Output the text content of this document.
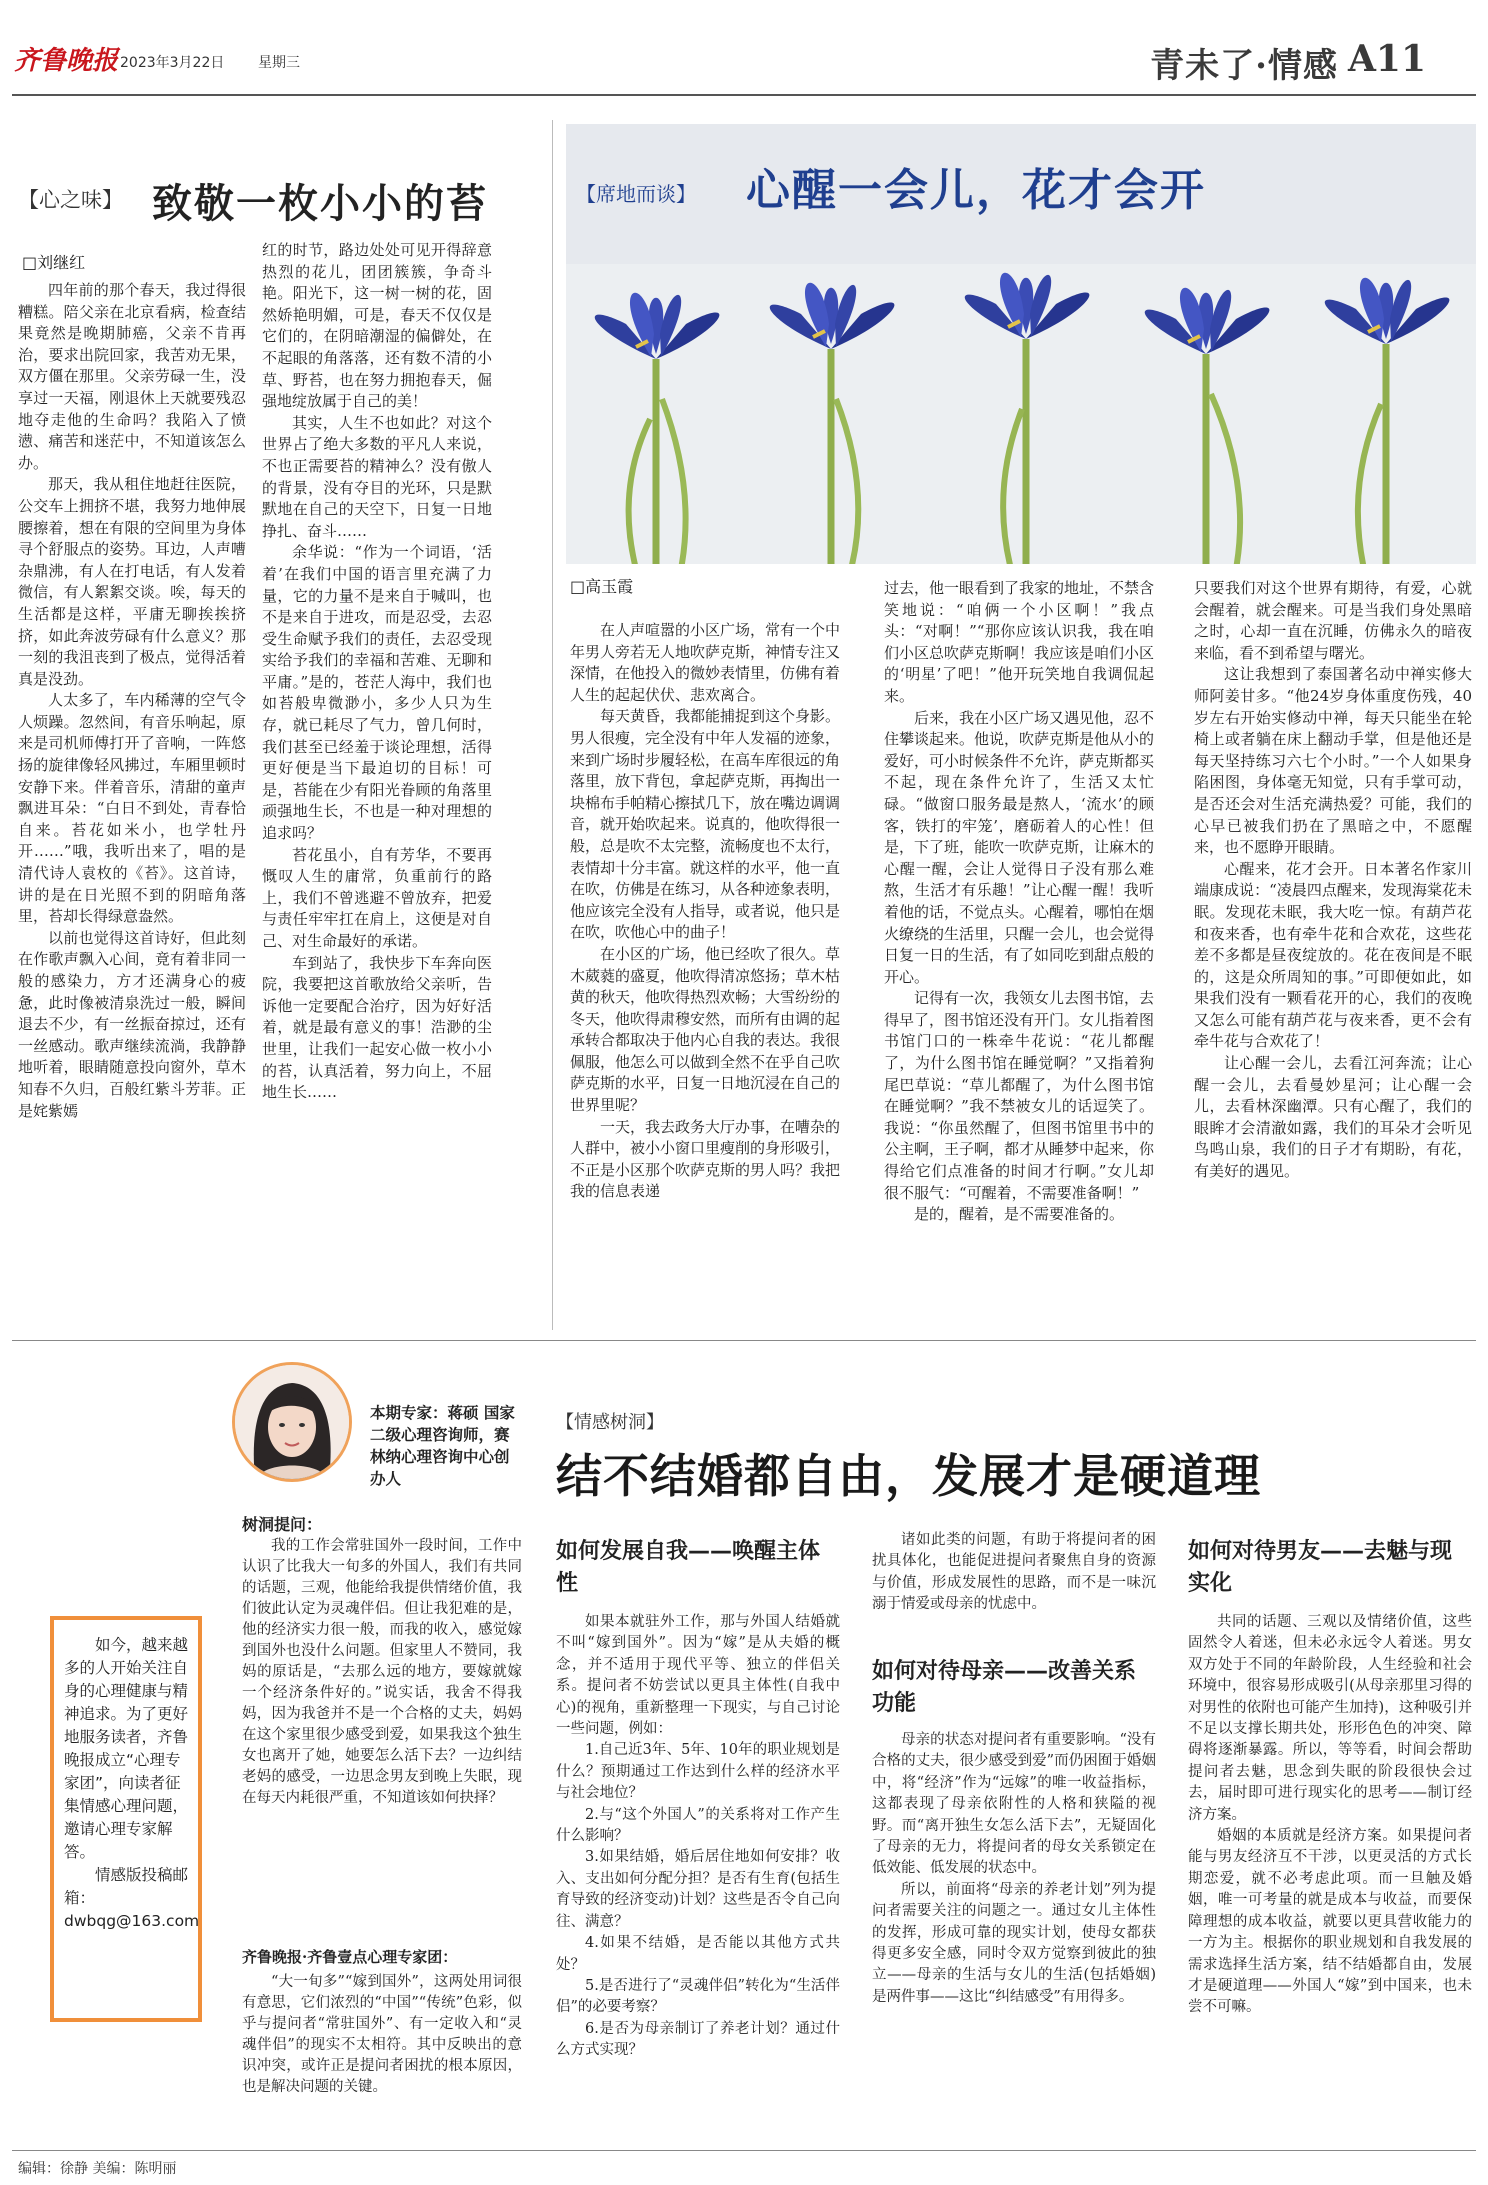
齐鲁晚报 2023年3月22日 星期三	青未了·情感 A11
【心之味】 致敬一枚小小的苔
□刘继红

四年前的那个春天，我过得很糟糕。陪父亲在北京看病，检查结果竟然是晚期肺癌，父亲不肯再治，要求出院回家，我苦劝无果，双方僵在那里。父亲劳碌一生，没享过一天福，刚退休上天就要残忍地夺走他的生命吗？我陷入了愤懑、痛苦和迷茫中，不知道该怎么办。

那天，我从租住地赶往医院，公交车上拥挤不堪，我努力地伸展腰擦着，想在有限的空间里为身体寻个舒服点的姿势。耳边，人声嘈杂鼎沸，有人在打电话，有人发着微信，有人絮絮交谈。唉，每天的生活都是这样，平庸无聊挨挨挤挤，如此奔波劳碌有什么意义？那一刻的我沮丧到了极点，觉得活着真是没劲。

人太多了，车内稀薄的空气令人烦躁。忽然间，有音乐响起，原来是司机师傅打开了音响，一阵悠扬的旋律像轻风拂过，车厢里顿时安静下来。伴着音乐，清甜的童声飘进耳朵：“白日不到处，青春恰自来。苔花如米小，也学牡丹开……”哦，我听出来了，唱的是清代诗人袁枚的《苔》。这首诗，讲的是在日光照不到的阴暗角落里，苔却长得绿意盎然。

以前也觉得这首诗好，但此刻在作歌声飘入心间，竟有着非同一般的感染力，方才还满身心的疲惫，此时像被清泉洗过一般，瞬间退去不少，有一丝振奋掠过，还有一丝感动。歌声继续流淌，我静静地听着，眼睛随意投向窗外，草木知春不久归，百般红紫斗芳菲。正是姹紫嫣

红的时节，路边处处可见开得辞意热烈的花儿，团团簇簇，争奇斗艳。阳光下，这一树一树的花，固然娇艳明媚，可是，春天不仅仅是它们的，在阴暗潮湿的偏僻处，在不起眼的角落落，还有数不清的小草、野苔，也在努力拥抱春天，倔强地绽放属于自己的美！

其实，人生不也如此？对这个世界占了绝大多数的平凡人来说，不也正需要苔的精神么？没有傲人的背景，没有夺目的光环，只是默默地在自己的天空下，日复一日地挣扎、奋斗……

余华说：“作为一个词语，‘活着’在我们中国的语言里充满了力量，它的力量不是来自于喊叫，也不是来自于进攻，而是忍受，去忍受生命赋予我们的责任，去忍受现实给予我们的幸福和苦难、无聊和平庸。”是的，苍茫人海中，我们也如苔般卑微渺小，多少人只为生存，就已耗尽了气力，曾几何时，我们甚至已经羞于谈论理想，活得更好便是当下最迫切的目标！可是，苔能在少有阳光眷顾的角落里顽强地生长，不也是一种对理想的追求吗？

苔花虽小，自有芳华，不要再慨叹人生的庸常，负重前行的路上，我们不曾逃避不曾放弃，把爱与责任牢牢扛在肩上，这便是对自己、对生命最好的承诺。

车到站了，我快步下车奔向医院，我要把这首歌放给父亲听，告诉他一定要配合治疗，因为好好活着，就是最有意义的事！浩渺的尘世里，让我们一起安心做一枚小小的苔，认真活着，努力向上，不屈地生长……

【席地而谈】 心醒一会儿，花才会开
□高玉霞

在人声喧嚣的小区广场，常有一个中年男人旁若无人地吹萨克斯，神情专注又深情，在他投入的微妙表情里，仿佛有着人生的起起伏伏、悲欢离合。

每天黄昏，我都能捕捉到这个身影。男人很瘦，完全没有中年人发福的迹象，来到广场时步履轻松，在高车库很远的角落里，放下背包，拿起萨克斯，再掏出一块棉布手帕精心擦拭几下，放在嘴边调调音，就开始吹起来。说真的，他吹得很一般，总是吹不太完整，流畅度也不太行，表情却十分丰富。就这样的水平，他一直在吹，仿佛是在练习，从各种迹象表明，他应该完全没有人指导，或者说，他只是在吹，吹他心中的曲子！

在小区的广场，他已经吹了很久。草木葳蕤的盛夏，他吹得清凉悠扬；草木枯黄的秋天，他吹得热烈欢畅；大雪纷纷的冬天，他吹得肃穆安然，而所有由调的起承转合都取决于他内心自我的表达。我很佩服，他怎么可以做到全然不在乎自己吹萨克斯的水平，日复一日地沉浸在自己的世界里呢？

一天，我去政务大厅办事，在嘈杂的人群中，被小小窗口里瘦削的身形吸引，不正是小区那个吹萨克斯的男人吗？我把我的信息表递

过去，他一眼看到了我家的地址，不禁含笑地说：“咱俩一个小区啊！”我点头：“对啊！”“那你应该认识我，我在咱们小区总吹萨克斯啊！我应该是咱们小区的‘明星’了吧！”他开玩笑地自我调侃起来。

后来，我在小区广场又遇见他，忍不住攀谈起来。他说，吹萨克斯是他从小的爱好，可小时候条件不允许，萨克斯都买不起，现在条件允许了，生活又太忙碌。“做窗口服务最是熬人，‘流水’的顾客，铁打的牢笼’，磨砺着人的心性！但是，下了班，能吹一吹萨克斯，让麻木的心醒一醒，会让人觉得日子没有那么难熬，生活才有乐趣！”让心醒一醒！我听着他的话，不觉点头。心醒着，哪怕在烟火缭绕的生活里，只醒一会儿，也会觉得日复一日的生活，有了如同吃到甜点般的开心。

记得有一次，我领女儿去图书馆，去得早了，图书馆还没有开门。女儿指着图书馆门口的一株牵牛花说：“花儿都醒了，为什么图书馆在睡觉啊？”又指着狗尾巴草说：“草儿都醒了，为什么图书馆在睡觉啊？”我不禁被女儿的话逗笑了。我说：“你虽然醒了，但图书馆里书中的公主啊，王子啊，都才从睡梦中起来，你得给它们点准备的时间才行啊。”女儿却很不服气：“可醒着，不需要准备啊！”

是的，醒着，是不需要准备的。

只要我们对这个世界有期待，有爱，心就会醒着，就会醒来。可是当我们身处黑暗之时，心却一直在沉睡，仿佛永久的暗夜来临，看不到希望与曙光。

这让我想到了泰国著名动中禅实修大师阿姜甘多。“他24岁身体重度伤残，40岁左右开始实修动中禅，每天只能坐在轮椅上或者躺在床上翻动手掌，但是他还是每天坚持练习六七个小时。”一个人如果身陷困图，身体毫无知觉，只有手掌可动，是否还会对生活充满热爱？可能，我们的心早已被我们扔在了黑暗之中，不愿醒来，也不愿睁开眼睛。

心醒来，花才会开。日本著名作家川端康成说：“凌晨四点醒来，发现海棠花未眠。发现花未眠，我大吃一惊。有葫芦花和夜来香，也有牵牛花和合欢花，这些花差不多都是昼夜绽放的。花在夜间是不眠的，这是众所周知的事。”可即便如此，如果我们没有一颗看花开的心，我们的夜晚又怎么可能有葫芦花与夜来香，更不会有牵牛花与合欢花了！

让心醒一会儿，去看江河奔流；让心醒一会儿，去看曼妙星河；让心醒一会儿，去看林深幽潭。只有心醒了，我们的眼眸才会清澈如露，我们的耳朵才会听见鸟鸣山泉，我们的日子才有期盼，有花，有美好的遇见。

本期专家：蒋硕 国家二级心理咨询师，赛林纳心理咨询中心创办人
树洞提问：

我的工作会常驻国外一段时间，工作中认识了比我大一旬多的外国人，我们有共同的话题，三观，他能给我提供情绪价值，我们彼此认定为灵魂伴侣。但让我犯难的是，他的经济实力很一般，而我的收入，感觉嫁到国外也没什么问题。但家里人不赞同，我妈的原话是，“去那么远的地方，要嫁就嫁一个经济条件好的。”说实话，我舍不得我妈，因为我爸并不是一个合格的丈夫，妈妈在这个家里很少感受到爱，如果我这个独生女也离开了她，她要怎么活下去？一边纠结老妈的感受，一边思念男友到晚上失眠，现在每天内耗很严重，不知道该如何抉择？

齐鲁晚报·齐鲁壹点心理专家团：

“大一旬多”“嫁到国外”，这两处用词很有意思，它们浓烈的“中国”“传统”色彩，似乎与提问者“常驻国外”、有一定收入和“灵魂伴侣”的现实不太相符。其中反映出的意识冲突，或许正是提问者困扰的根本原因，也是解决问题的关键。

如今，越来越多的人开始关注自身的心理健康与精神追求。为了更好地服务读者，齐鲁晚报成立“心理专家团”，向读者征集情感心理问题，邀请心理专家解答。
情感版投稿邮箱：dwbqg@163.com
【情感树洞】
结不结婚都自由，发展才是硬道理
如何发展自我——唤醒主体性

如果本就驻外工作，那与外国人结婚就不叫“嫁到国外”。因为“嫁”是从夫婚的概念，并不适用于现代平等、独立的伴侣关系。提问者不妨尝试以更具主体性(自我中心)的视角，重新整理一下现实，与自己讨论一些问题，例如：

1.自己近3年、5年、10年的职业规划是什么？预期通过工作达到什么样的经济水平与社会地位？

2.与“这个外国人”的关系将对工作产生什么影响？

3.如果结婚，婚后居住地如何安排？收入、支出如何分配分担？是否有生育(包括生育导致的经济变动)计划？这些是否令自己向往、满意？

4.如果不结婚，是否能以其他方式共处？

5.是否进行了“灵魂伴侣”转化为“生活伴侣”的必要考察？

6.是否为母亲制订了养老计划？通过什么方式实现？

诸如此类的问题，有助于将提问者的困扰具体化，也能促进提问者聚焦自身的资源与价值，形成发展性的思路，而不是一味沉溺于情爱或母亲的忧虑中。

如何对待母亲——改善关系功能

母亲的状态对提问者有重要影响。“没有合格的丈夫，很少感受到爱”而仍困囿于婚姻中，将“经济”作为“远嫁”的唯一收益指标，这都表现了母亲依附性的人格和狭隘的视野。而“离开独生女怎么活下去”，无疑固化了母亲的无力，将提问者的母女关系锁定在低效能、低发展的状态中。

所以，前面将“母亲的养老计划”列为提问者需要关注的问题之一。通过女儿主体性的发挥，形成可靠的现实计划，使母女都获得更多安全感，同时令双方觉察到彼此的独立——母亲的生活与女儿的生活(包括婚姻)是两件事——这比“纠结感受”有用得多。

如何对待男友——去魅与现实化

共同的话题、三观以及情绪价值，这些固然令人着迷，但未必永远令人着迷。男女双方处于不同的年龄阶段，人生经验和社会环境中，很容易形成吸引(从母亲那里习得的对男性的依附也可能产生加持)，这种吸引并不足以支撑长期共处，形形色色的冲突、障碍将逐渐暴露。所以，等等看，时间会帮助提问者去魅，思念到失眠的阶段很快会过去，届时即可进行现实化的思考——制订经济方案。

婚姻的本质就是经济方案。如果提问者能与男友经济互不干涉，以更灵活的方式长期恋爱，就不必考虑此项。而一旦触及婚姻，唯一可考量的就是成本与收益，而要保障理想的成本收益，就要以更具营收能力的一方为主。根据你的职业规划和自我发展的需求选择生活方案，结不结婚都自由，发展才是硬道理——外国人“嫁”到中国来，也未尝不可嘛。

编辑：徐静 美编：陈明丽
